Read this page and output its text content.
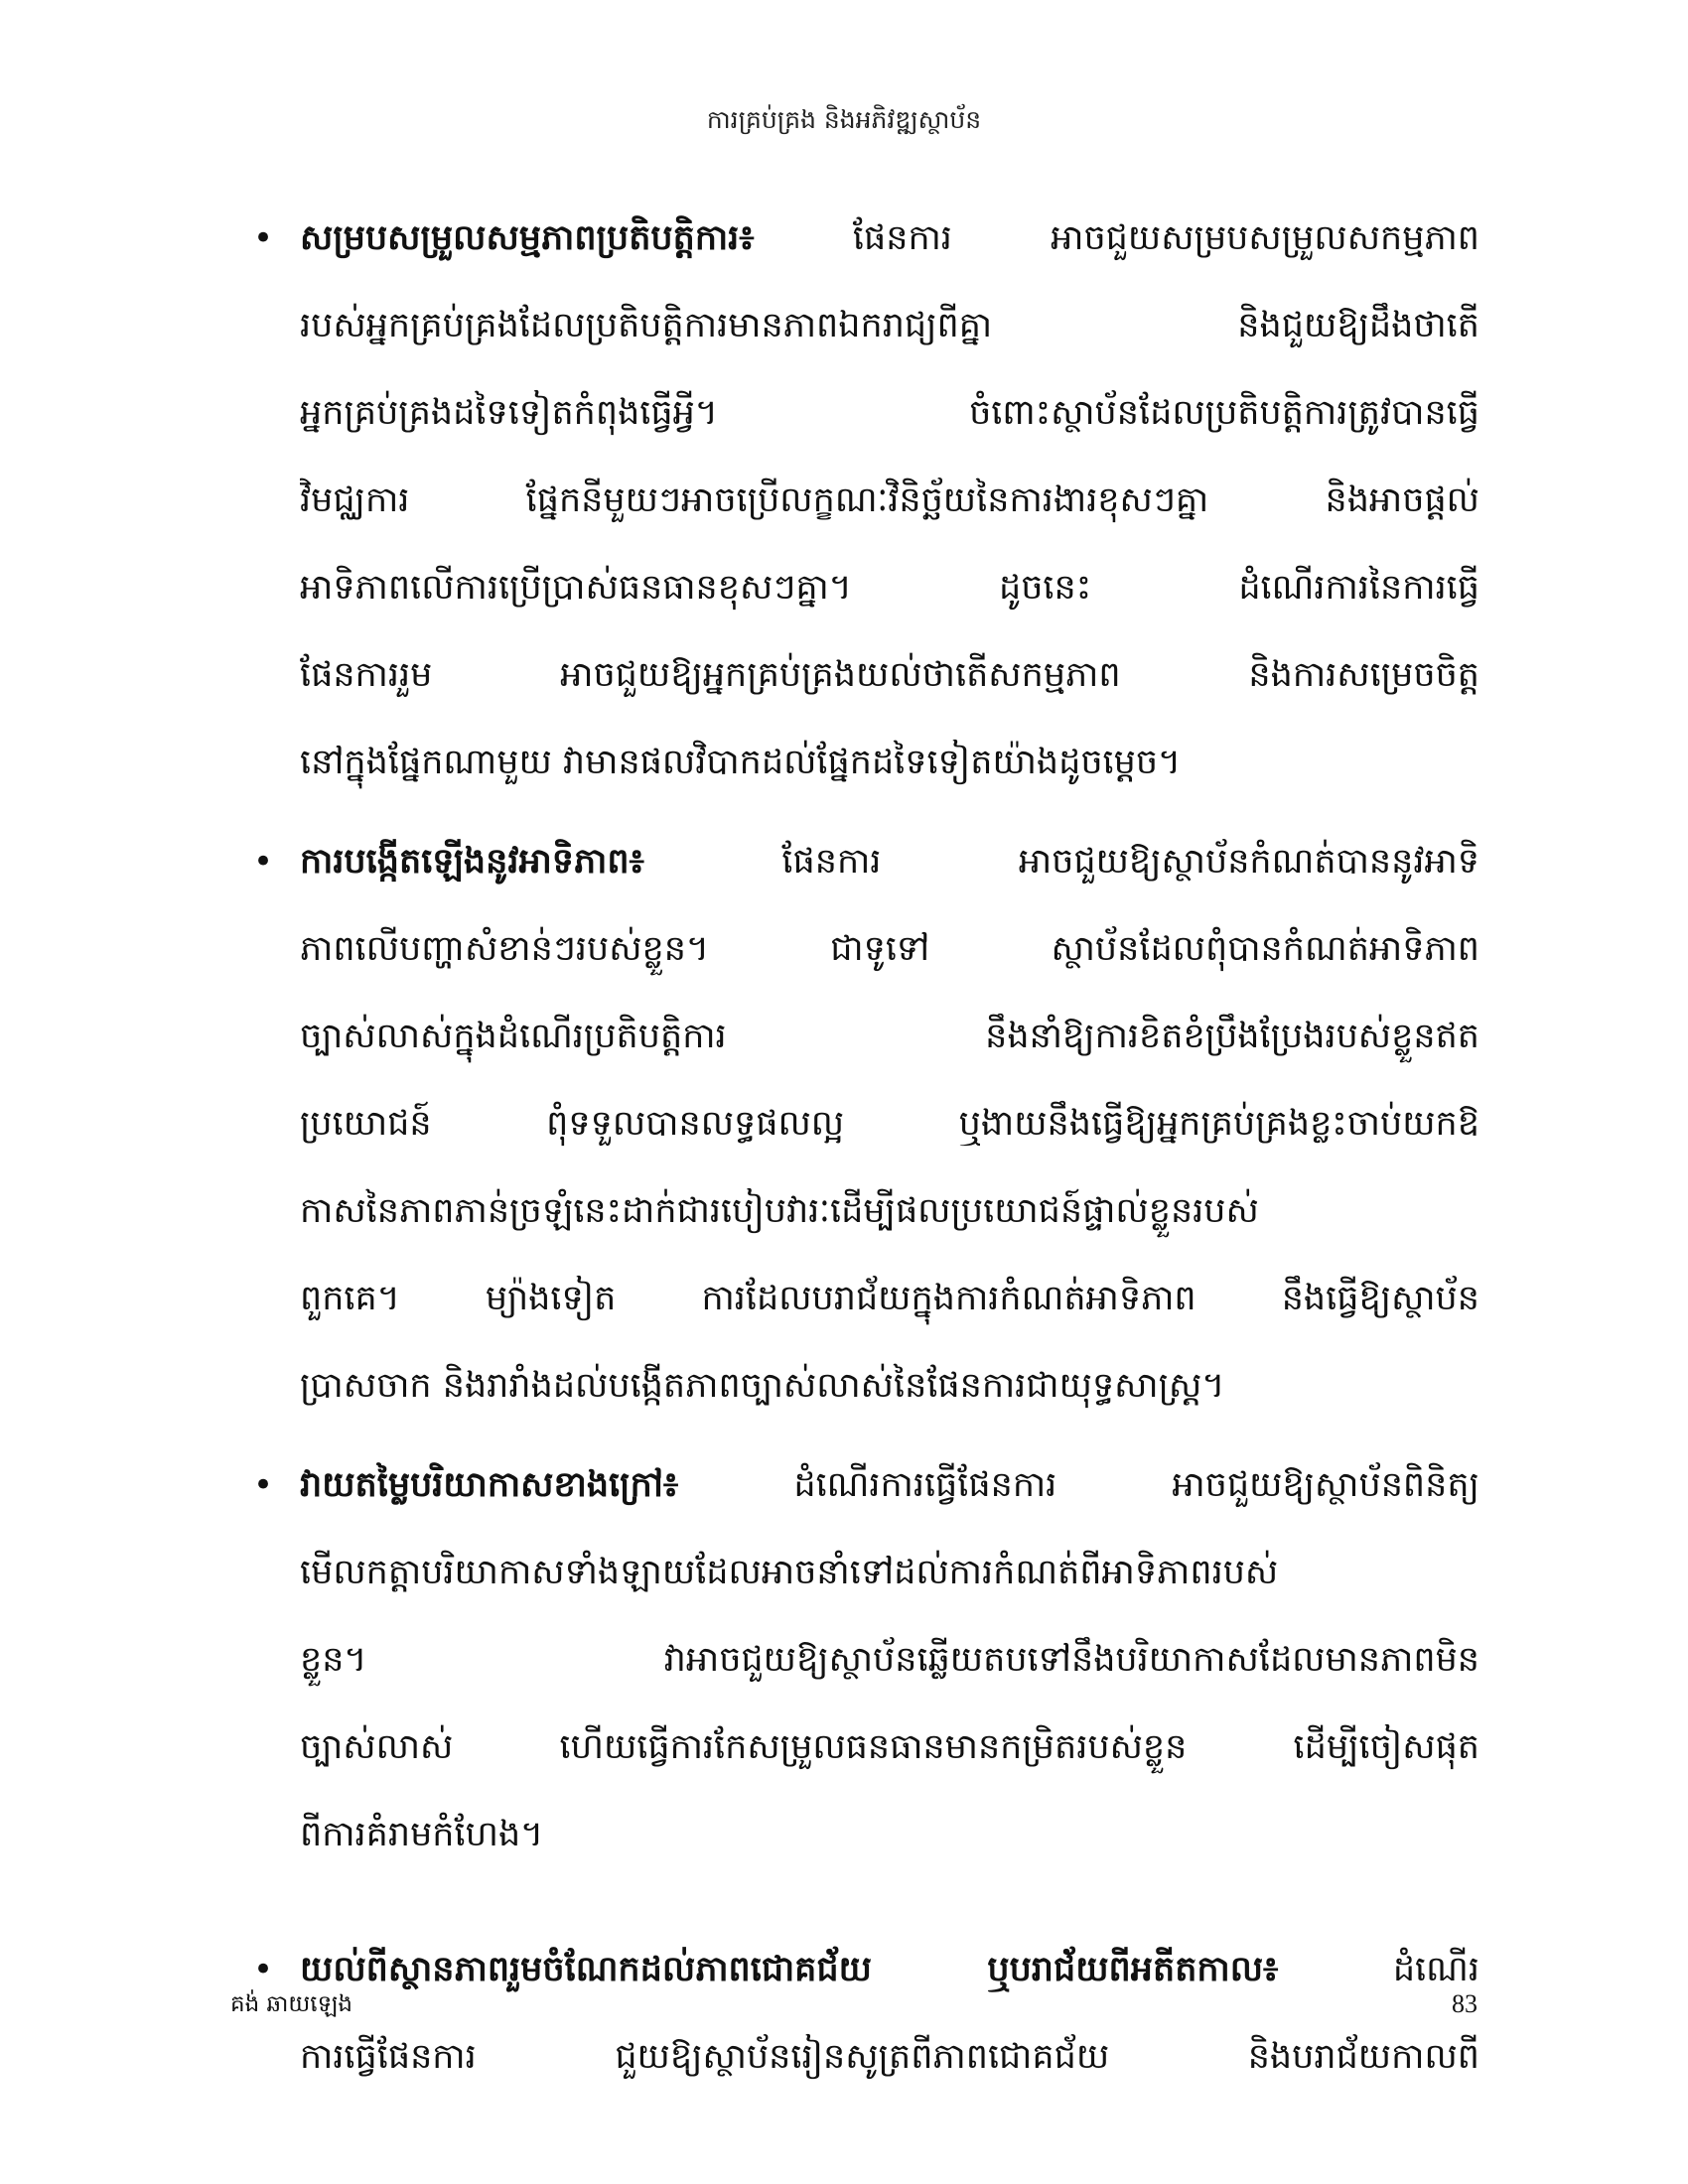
ការគ្រប់គ្រង និងអភិវឌ្ឍស្ថាប័ន
• សម្របសម្រួលសម្មភាពប្រតិបត្តិការ៖	ផែនការ អាចជួយសម្របសម្រួលសកម្មភាព
របស់អ្នកគ្រប់គ្រងដែលប្រតិបត្តិការមានភាពឯករាជ្យពីគ្នា និងជួយឱ្យដឹងថាតើ
អ្នកគ្រប់គ្រងដទៃទៀតកំពុងធ្វើអ្វី។ ចំពោះស្ថាប័នដែលប្រតិបត្តិការត្រូវបានធ្វើ
វិមជ្ឈការ ផ្នែកនីមួយៗអាចប្រើលក្ខណៈវិនិច្ឆ័យនៃការងារខុសៗគ្នា និងអាចផ្តល់
អាទិភាពលើការប្រើប្រាស់ធនធានខុសៗគ្នា។ ដូចនេះ ដំណើរការនៃការធ្វើ
ផែនការរួម អាចជួយឱ្យអ្នកគ្រប់គ្រងយល់ថាតើសកម្មភាព និងការសម្រេចចិត្ត
នៅក្នុងផ្នែកណាមួយ វាមានផលវិបាកដល់ផ្នែកដទៃទៀតយ៉ាងដូចម្តេច។
• ការបង្កើតឡើងនូវអាទិភាព៖	ផែនការ អាចជួយឱ្យស្ថាប័នកំណត់បាននូវអាទិ
ភាពលើបញ្ហាសំខាន់ៗរបស់ខ្លួន។ ជាទូទៅ ស្ថាប័នដែលពុំបានកំណត់អាទិភាព
ច្បាស់លាស់ក្នុងដំណើរប្រតិបត្តិការ នឹងនាំឱ្យការខិតខំប្រឹងប្រែងរបស់ខ្លួនឥត
ប្រយោជន៍ ពុំទទួលបានលទ្ធផលល្អ ឬងាយនឹងធ្វើឱ្យអ្នកគ្រប់គ្រងខ្លះចាប់យកឱ
កាសនៃភាពភាន់ច្រឡំនេះដាក់ជារបៀបវារៈដើម្បីផលប្រយោជន៍ផ្ទាល់ខ្លួនរបស់
ពួកគេ។ ម្យ៉ាងទៀត ការដែលបរាជ័យក្នុងការកំណត់អាទិភាព នឹងធ្វើឱ្យស្ថាប័ន
ប្រាសចាក និងរារាំងដល់បង្កើតភាពច្បាស់លាស់នៃផែនការជាយុទ្ធសាស្ត្រ។
• វាយតម្លៃបរិយាកាសខាងក្រៅ៖	ដំណើរការធ្វើផែនការ អាចជួយឱ្យស្ថាប័នពិនិត្យ
មើលកត្តាបរិយាកាសទាំងឡាយដែលអាចនាំទៅដល់ការកំណត់ពីអាទិភាពរបស់
ខ្លួន។ វាអាចជួយឱ្យស្ថាប័នឆ្លើយតបទៅនឹងបរិយាកាសដែលមានភាពមិន
ច្បាស់លាស់ ហើយធ្វើការកែសម្រួលធនធានមានកម្រិតរបស់ខ្លួន ដើម្បីចៀសផុត
ពីការគំរាមកំហែង។
• យល់ពីស្ថានភាពរួមចំណែកដល់ភាពជោគជ័យ ឬបរាជ័យពីអតីតកាល៖	ដំណើរ
ការធ្វើផែនការ ជួយឱ្យស្ថាប័នរៀនសូត្រពីភាពជោគជ័យ និងបរាជ័យកាលពី
គង់ ឆាយឡេង	83
